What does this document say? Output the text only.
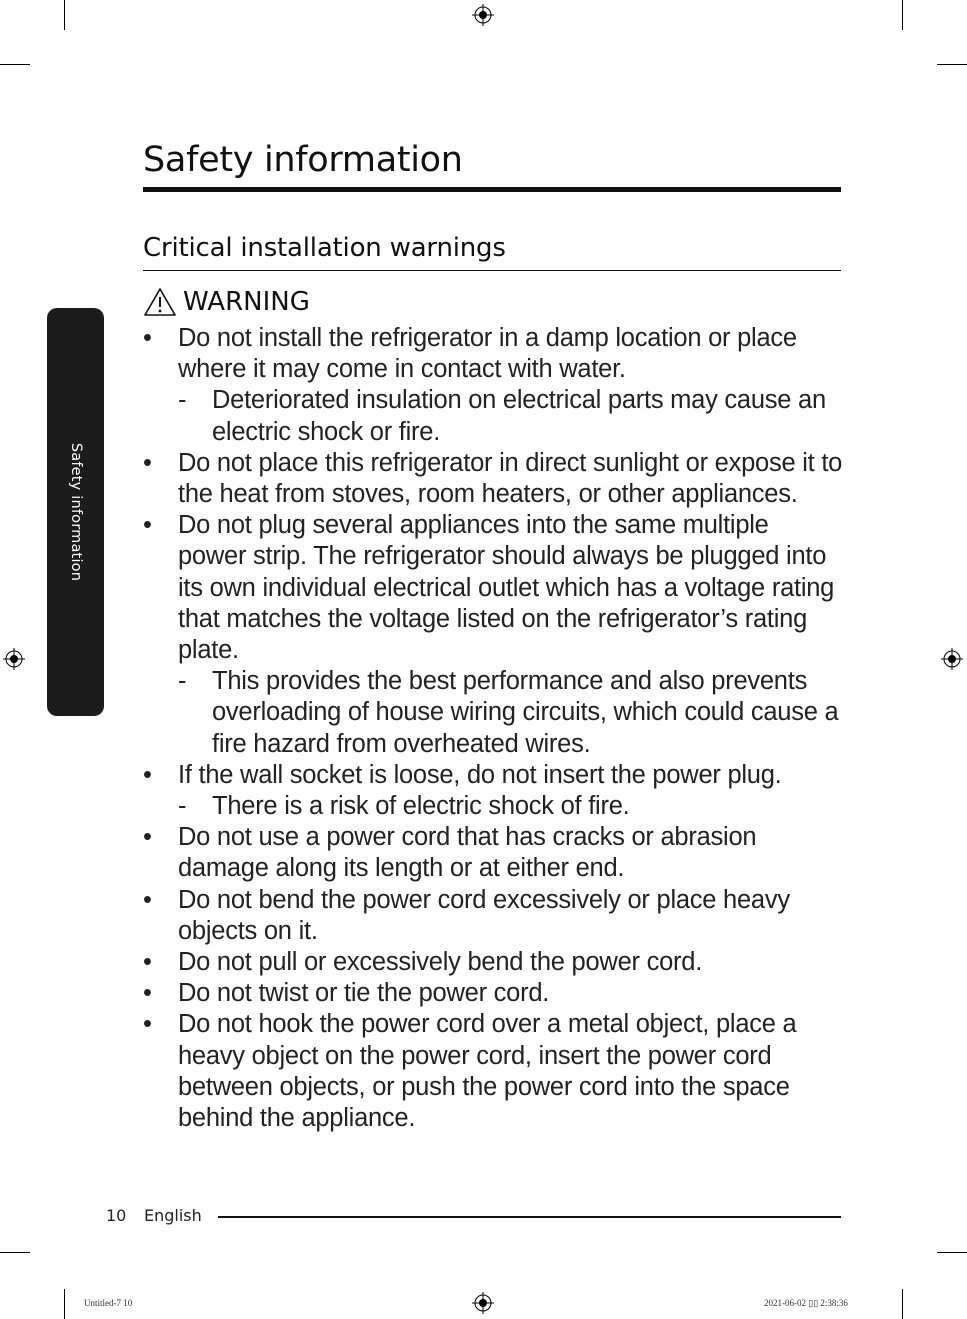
Safety information
Safety information
Critical installation warnings
WARNING
• Do not install the refrigerator in a damp location or place where it may come in contact with water.
- Deteriorated insulation on electrical parts may cause an electric shock or fire.
• Do not place this refrigerator in direct sunlight or expose it to the heat from stoves, room heaters, or other appliances.
• Do not plug several appliances into the same multiple power strip. The refrigerator should always be plugged into its own individual electrical outlet which has a voltage rating that matches the voltage listed on the refrigerator’s rating plate.
- This provides the best performance and also prevents overloading of house wiring circuits, which could cause a fire hazard from overheated wires.
• If the wall socket is loose, do not insert the power plug.
- There is a risk of electric shock of fire.
• Do not use a power cord that has cracks or abrasion damage along its length or at either end.
• Do not bend the power cord excessively or place heavy objects on it.
• Do not pull or excessively bend the power cord.
• Do not twist or tie the power cord.
• Do not hook the power cord over a metal object, place a heavy object on the power cord, insert the power cord between objects, or push the power cord into the space behind the appliance.
10 English
Untitled-7 10	2021-06-02 ▯▯ 2:38:36
